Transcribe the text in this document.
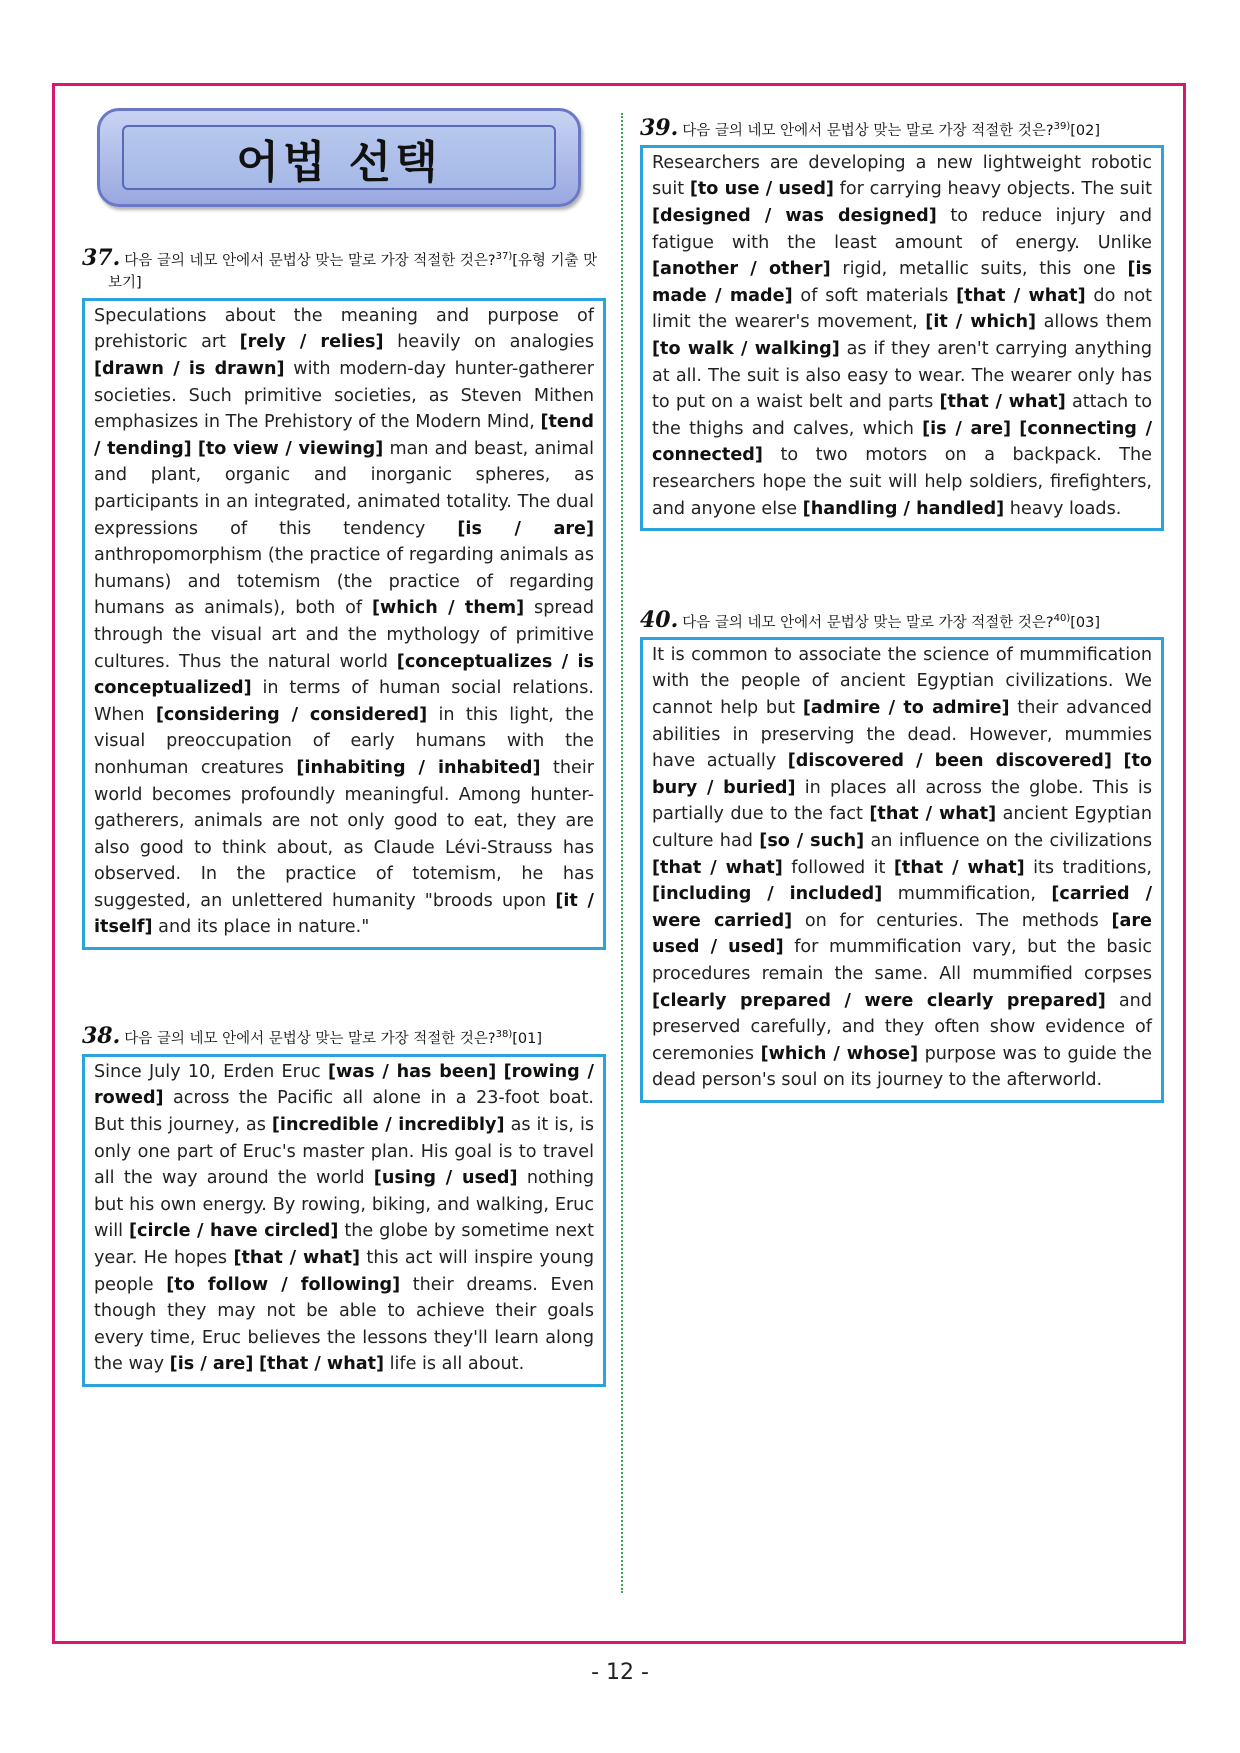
어법 선택
37. 다음 글의 네모 안에서 문법상 맞는 말로 가장 적절한 것은?$^{37)}$[유형 기출 맛보기]
Speculations about the meaning and purpose of prehistoric art [rely / relies] heavily on analogies [drawn / is drawn] with modern-day hunter-gatherer societies. Such primitive societies, as Steven Mithen emphasizes in The Prehistory of the Modern Mind, [tend / tending] [to view / viewing] man and beast, animal and plant, organic and inorganic spheres, as participants in an integrated, animated totality. The dual expressions of this tendency [is / are] anthropomorphism (the practice of regarding animals as humans) and totemism (the practice of regarding humans as animals), both of [which / them] spread through the visual art and the mythology of primitive cultures. Thus the natural world [conceptualizes / is conceptualized] in terms of human social relations. When [considering / considered] in this light, the visual preoccupation of early humans with the nonhuman creatures [inhabiting / inhabited] their world becomes profoundly meaningful. Among hunter-gatherers, animals are not only good to eat, they are also good to think about, as Claude Lévi-Strauss has observed. In the practice of totemism, he has suggested, an unlettered humanity "broods upon [it / itself] and its place in nature."
38. 다음 글의 네모 안에서 문법상 맞는 말로 가장 적절한 것은?$^{38)}$[01]
Since July 10, Erden Eruc [was / has been] [rowing / rowed] across the Pacific all alone in a 23-foot boat. But this journey, as [incredible / incredibly] as it is, is only one part of Eruc's master plan. His goal is to travel all the way around the world [using / used] nothing but his own energy. By rowing, biking, and walking, Eruc will [circle / have circled] the globe by sometime next year. He hopes [that / what] this act will inspire young people [to follow / following] their dreams. Even though they may not be able to achieve their goals every time, Eruc believes the lessons they'll learn along the way [is / are] [that / what] life is all about.
39. 다음 글의 네모 안에서 문법상 맞는 말로 가장 적절한 것은?$^{39)}$[02]
Researchers are developing a new lightweight robotic suit [to use / used] for carrying heavy objects. The suit [designed / was designed] to reduce injury and fatigue with the least amount of energy. Unlike [another / other] rigid, metallic suits, this one [is made / made] of soft materials [that / what] do not limit the wearer's movement, [it / which] allows them [to walk / walking] as if they aren't carrying anything at all. The suit is also easy to wear. The wearer only has to put on a waist belt and parts [that / what] attach to the thighs and calves, which [is / are] [connecting / connected] to two motors on a backpack. The researchers hope the suit will help soldiers, firefighters, and anyone else [handling / handled] heavy loads.
40. 다음 글의 네모 안에서 문법상 맞는 말로 가장 적절한 것은?$^{40)}$[03]
It is common to associate the science of mummification with the people of ancient Egyptian civilizations. We cannot help but [admire / to admire] their advanced abilities in preserving the dead. However, mummies have actually [discovered / been discovered] [to bury / buried] in places all across the globe. This is partially due to the fact [that / what] ancient Egyptian culture had [so / such] an influence on the civilizations [that / what] followed it [that / what] its traditions, [including / included] mummification, [carried / were carried] on for centuries. The methods [are used / used] for mummification vary, but the basic procedures remain the same. All mummified corpses [clearly prepared / were clearly prepared] and preserved carefully, and they often show evidence of ceremonies [which / whose] purpose was to guide the dead person's soul on its journey to the afterworld.
- 12 -
